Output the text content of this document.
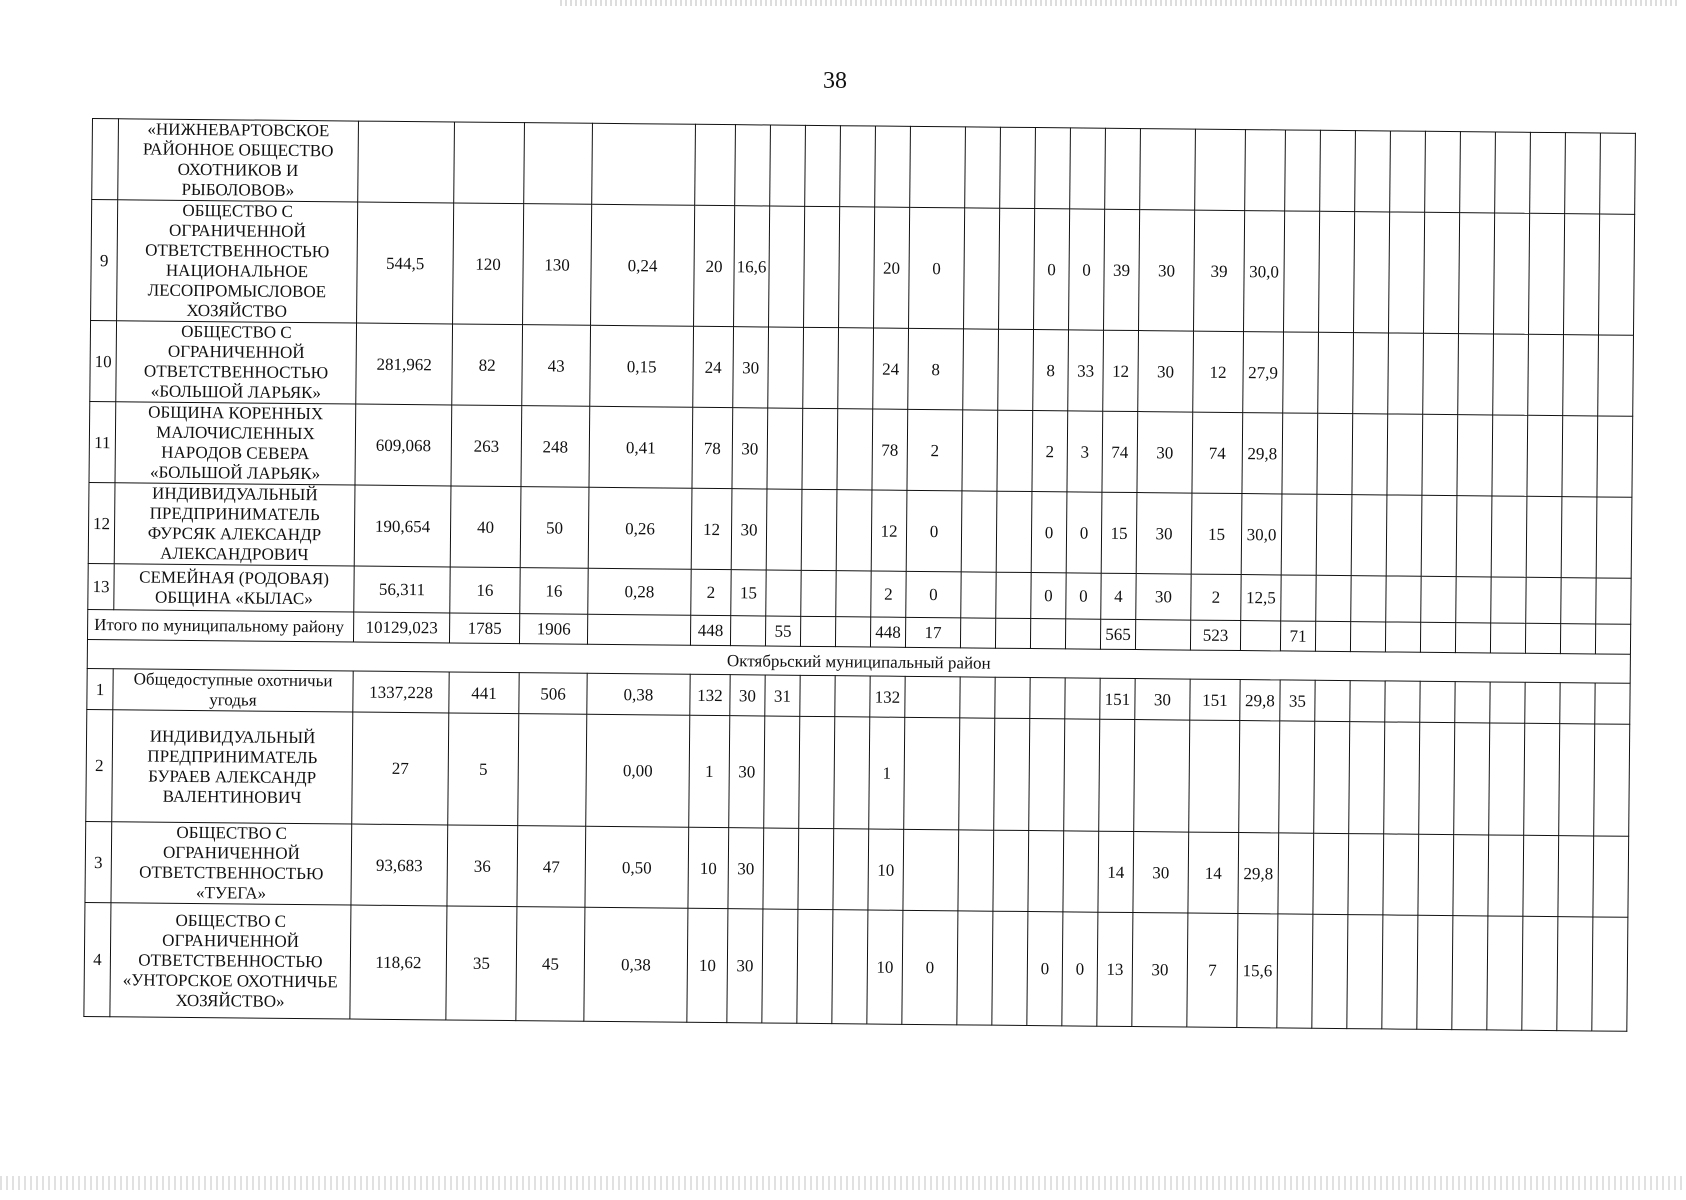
38
	«НИЖНЕВАРТОВСКОЕ РАЙОННОЕ ОБЩЕСТВО ОХОТНИКОВ И РЫБОЛОВОВ»																													
9	ОБЩЕСТВО С ОГРАНИЧЕННОЙ ОТВЕТСТВЕННОСТЬЮ НАЦИОНАЛЬНОЕ ЛЕСОПРОМЫСЛОВОЕ ХОЗЯЙСТВО	544,5	120	130	0,24	20	16,6				20	0			0	0	39	30	39	30,0										
10	ОБЩЕСТВО С ОГРАНИЧЕННОЙ ОТВЕТСТВЕННОСТЬЮ «БОЛЬШОЙ ЛАРЬЯК»	281,962	82	43	0,15	24	30				24	8			8	33	12	30	12	27,9										
11	ОБЩИНА КОРЕННЫХ МАЛОЧИСЛЕННЫХ НАРОДОВ СЕВЕРА «БОЛЬШОЙ ЛАРЬЯК»	609,068	263	248	0,41	78	30				78	2			2	3	74	30	74	29,8										
12	ИНДИВИДУАЛЬНЫЙ ПРЕДПРИНИМАТЕЛЬ ФУРСЯК АЛЕКСАНДР АЛЕКСАНДРОВИЧ	190,654	40	50	0,26	12	30				12	0			0	0	15	30	15	30,0										
13	СЕМЕЙНАЯ (РОДОВАЯ) ОБЩИНА «КЫЛАС»	56,311	16	16	0,28	2	15				2	0			0	0	4	30	2	12,5										
Итого по муниципальному району		10129,023	1785	1906		448		55			448	17					565		523		71									
Октябрьский муниципальный район																														
1	Общедоступные охотничьи угодья	1337,228	441	506	0,38	132	30	31			132						151	30	151	29,8	35									
2	ИНДИВИДУАЛЬНЫЙ ПРЕДПРИНИМАТЕЛЬ БУРАЕВ АЛЕКСАНДР ВАЛЕНТИНОВИЧ	27	5		0,00	1	30				1																			
3	ОБЩЕСТВО С ОГРАНИЧЕННОЙ ОТВЕТСТВЕННОСТЬЮ «ТУЕГА»	93,683	36	47	0,50	10	30				10						14	30	14	29,8										
4	ОБЩЕСТВО С ОГРАНИЧЕННОЙ ОТВЕТСТВЕННОСТЬЮ «УНТОРСКОЕ ОХОТНИЧЬЕ ХОЗЯЙСТВО»	118,62	35	45	0,38	10	30				10	0			0	0	13	30	7	15,6										
